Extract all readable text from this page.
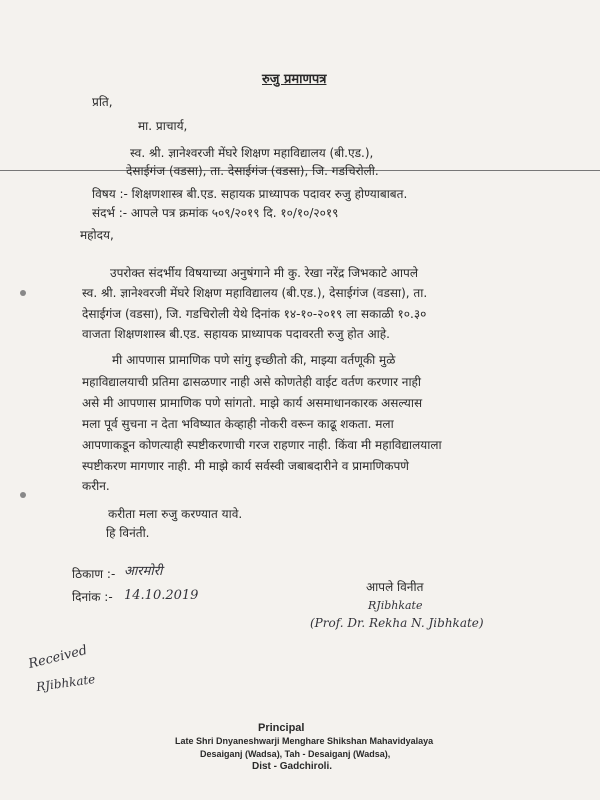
रुजु प्रमाणपत्र
प्रति,
मा. प्राचार्य,
स्व. श्री. ज्ञानेश्वरजी मेंघरे शिक्षण महाविद्यालय (बी.एड.),
देसाईगंज (वडसा), ता. देसाईगंज (वडसा), जि. गडचिरोली.
विषय :- शिक्षणशास्त्र बी.एड. सहायक प्राध्यापक पदावर रुजु होण्याबाबत.
संदर्भ :- आपले पत्र क्रमांक ५०९/२०१९ दि. १०/१०/२०१९
महोदय,
उपरोक्त संदर्भीय विषयाच्या अनुषंगाने मी कु. रेखा नरेंद्र जिभकाटे आपले
स्व. श्री. ज्ञानेश्वरजी मेंघरे शिक्षण महाविद्यालय (बी.एड.), देसाईगंज (वडसा), ता.
देसाईगंज (वडसा), जि. गडचिरोली येथे दिनांक १४-१०-२०१९ ला सकाळी १०.३०
वाजता शिक्षणशास्त्र बी.एड. सहायक प्राध्यापक पदावरती रुजु होत आहे.
मी आपणास प्रामाणिक पणे सांगु इच्छीतो की, माझ्या वर्तणूकी मुळे
महाविद्यालयाची प्रतिमा ढासळणार नाही असे कोणतेही वाईट वर्तण करणार नाही
असे मी आपणास प्रामाणिक पणे सांगतो. माझे कार्य असमाधानकारक असल्यास
मला पूर्व सुचना न देता भविष्यात केव्हाही नोकरी वरून काढू शकता. मला
आपणाकडून कोणत्याही स्पष्टीकरणाची गरज राहणार नाही. किंवा मी महाविद्यालयाला
स्पष्टीकरण मागणार नाही. मी माझे कार्य सर्वस्वी जबाबदारीने व प्रामाणिकपणे
करीन.
करीता मला रुजु करण्यात यावे.
हि विनंती.
ठिकाण :- आरमोरी
दिनांक :- 14.10.2019
आपले विनीत
RJibhkate
(Prof. Dr. Rekha N. Jibhkate)
Received
RJibhkate
Principal
Late Shri Dnyaneshwarji Menghare Shikshan Mahavidyalaya
Desaiganj (Wadsa), Tah - Desaiganj (Wadsa),
Dist - Gadchiroli.
